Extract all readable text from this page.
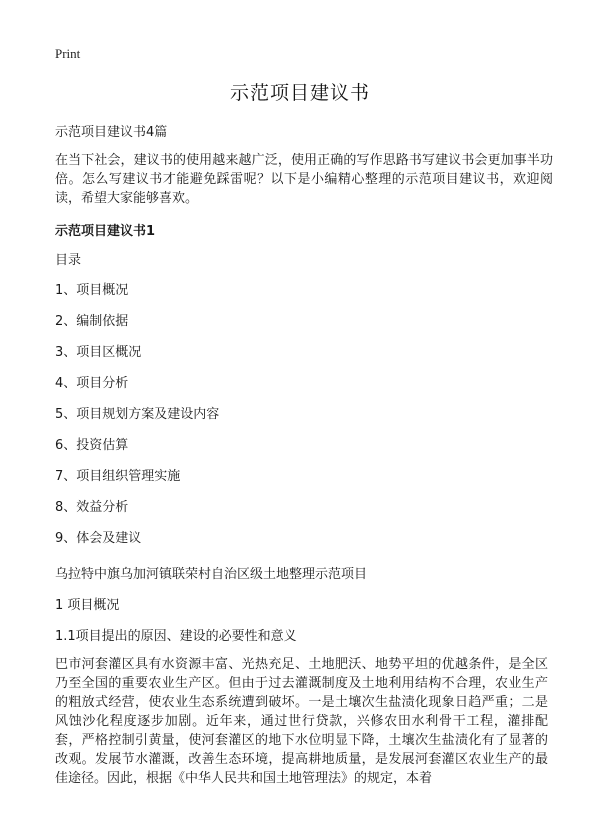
Print
示范项目建议书
示范项目建议书4篇
在当下社会，建议书的使用越来越广泛，使用正确的写作思路书写建议书会更加事半功倍。怎么写建议书才能避免踩雷呢？以下是小编精心整理的示范项目建议书，欢迎阅读，希望大家能够喜欢。
示范项目建议书1
目录
1、项目概况
2、编制依据
3、项目区概况
4、项目分析
5、项目规划方案及建设内容
6、投资估算
7、项目组织管理实施
8、效益分析
9、体会及建议
乌拉特中旗乌加河镇联荣村自治区级土地整理示范项目
1 项目概况
1.1项目提出的原因、建设的必要性和意义
巴市河套灌区具有水资源丰富、光热充足、土地肥沃、地势平坦的优越条件，是全区乃至全国的重要农业生产区。但由于过去灌溉制度及土地利用结构不合理，农业生产的粗放式经营，使农业生态系统遭到破坏。一是土壤次生盐渍化现象日趋严重；二是风蚀沙化程度逐步加剧。近年来，通过世行贷款，兴修农田水利骨干工程，灌排配套，严格控制引黄量，使河套灌区的地下水位明显下降，土壤次生盐渍化有了显著的改观。发展节水灌溉，改善生态环境，提高耕地质量，是发展河套灌区农业生产的最佳途径。因此，根据《中华人民共和国土地管理法》的规定，本着
